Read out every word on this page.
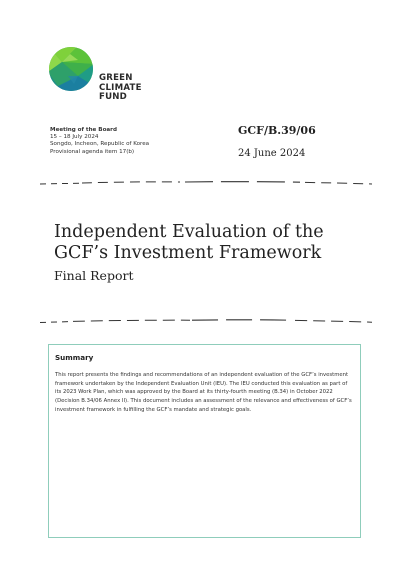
GREEN
CLIMATE
FUND
Meeting of the Board
15 – 18 July 2024
Songdo, Incheon, Republic of Korea
Provisional agenda item 17(b)
GCF/B.39/06
24 June 2024
Independent Evaluation of the GCF’s Investment Framework
Final Report
Summary
This report presents the findings and recommendations of an independent evaluation of the GCF’s investment framework undertaken by the Independent Evaluation Unit (IEU). The IEU conducted this evaluation as part of its 2023 Work Plan, which was approved by the Board at its thirty-fourth meeting (B.34) in October 2022 (Decision B.34/06 Annex II). This document includes an assessment of the relevance and effectiveness of GCF’s investment framework in fulfilling the GCF’s mandate and strategic goals.
